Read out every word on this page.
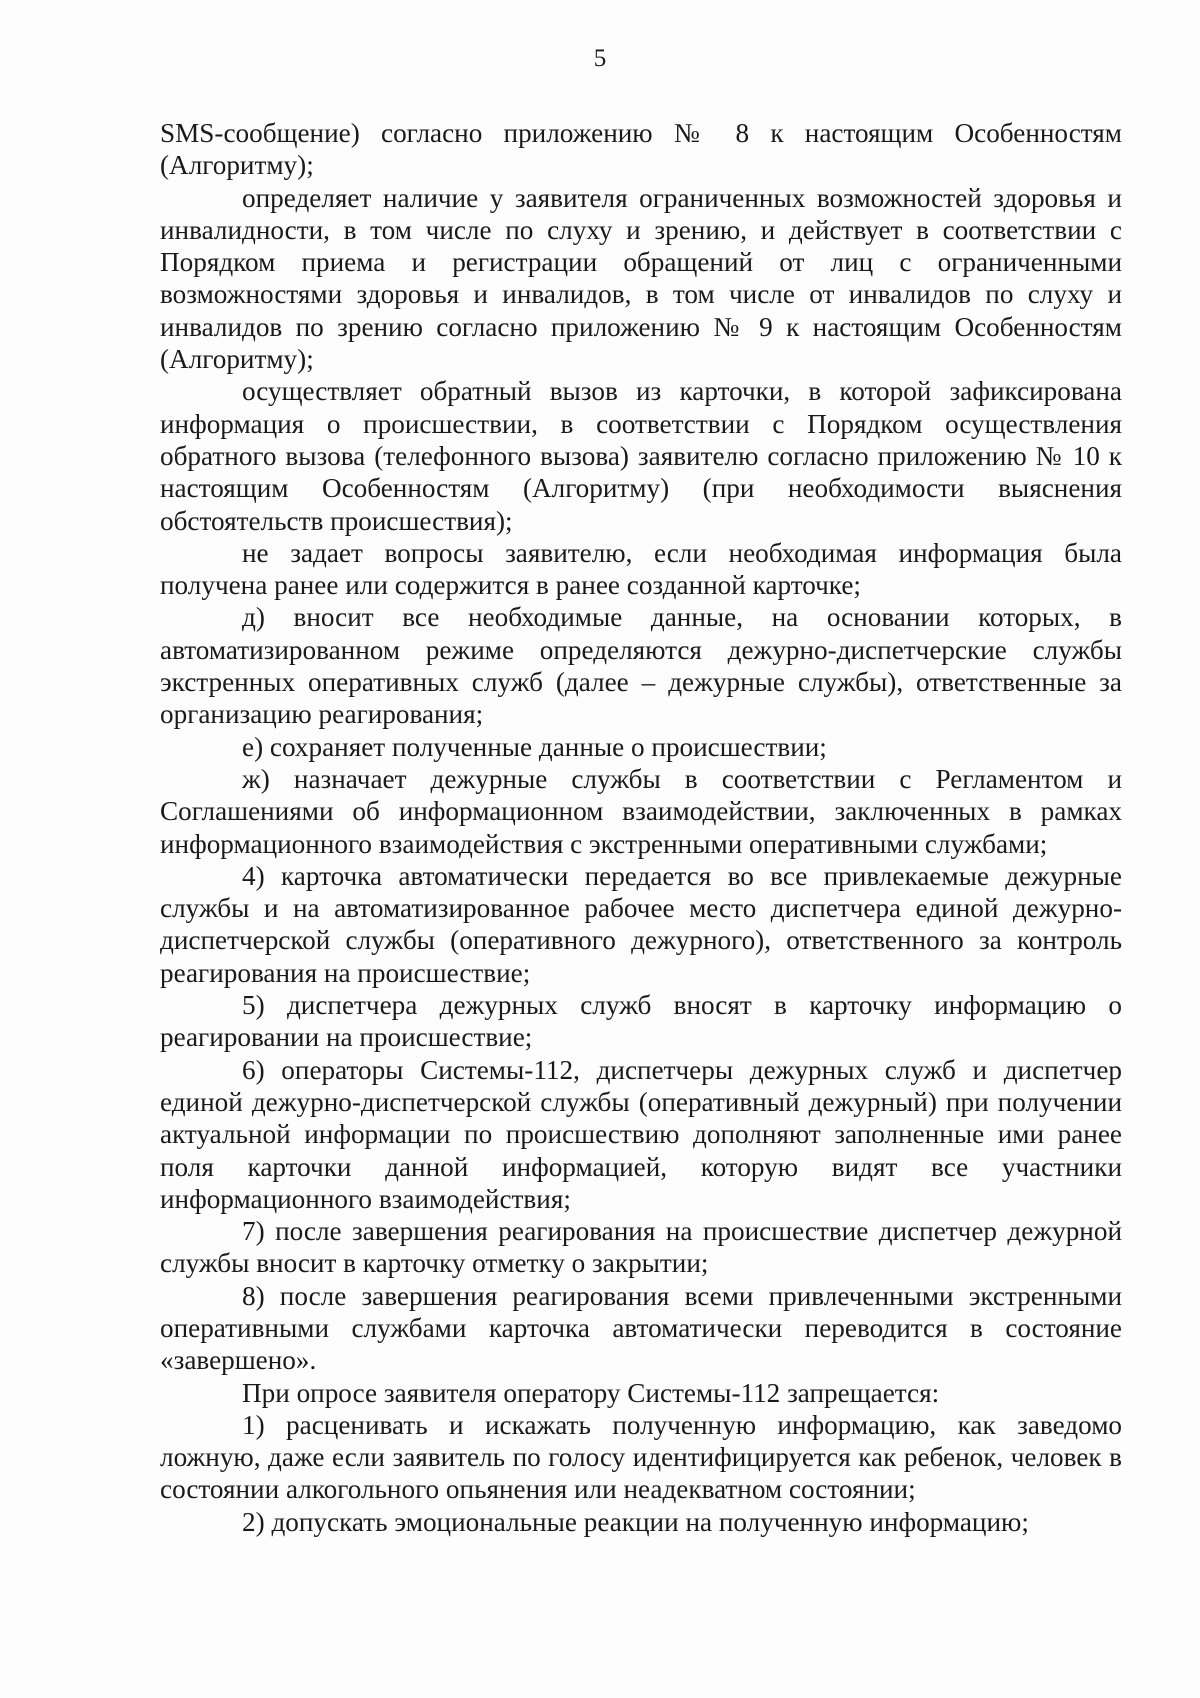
5

SMS-сообщение) согласно приложению № 8 к настоящим Особенностям (Алгоритму);

определяет наличие у заявителя ограниченных возможностей здоровья и инвалидности, в том числе по слуху и зрению, и действует в соответствии с Порядком приема и регистрации обращений от лиц с ограниченными возможностями здоровья и инвалидов, в том числе от инвалидов по слуху и инвалидов по зрению согласно приложению № 9 к настоящим Особенностям (Алгоритму);

осуществляет обратный вызов из карточки, в которой зафиксирована информация о происшествии, в соответствии с Порядком осуществления обратного вызова (телефонного вызова) заявителю согласно приложению № 10 к настоящим Особенностям (Алгоритму) (при необходимости выяснения обстоятельств происшествия);

не задает вопросы заявителю, если необходимая информация была получена ранее или содержится в ранее созданной карточке;

д) вносит все необходимые данные, на основании которых, в автоматизированном режиме определяются дежурно-диспетчерские службы экстренных оперативных служб (далее – дежурные службы), ответственные за организацию реагирования;

е) сохраняет полученные данные о происшествии;

ж) назначает дежурные службы в соответствии с Регламентом и Соглашениями об информационном взаимодействии, заключенных в рамках информационного взаимодействия с экстренными оперативными службами;

4) карточка автоматически передается во все привлекаемые дежурные службы и на автоматизированное рабочее место диспетчера единой дежурно-диспетчерской службы (оперативного дежурного), ответственного за контроль реагирования на происшествие;

5) диспетчера дежурных служб вносят в карточку информацию о реагировании на происшествие;

6) операторы Системы-112, диспетчеры дежурных служб и диспетчер единой дежурно-диспетчерской службы (оперативный дежурный) при получении актуальной информации по происшествию дополняют заполненные ими ранее поля карточки данной информацией, которую видят все участники информационного взаимодействия;

7) после завершения реагирования на происшествие диспетчер дежурной службы вносит в карточку отметку о закрытии;

8) после завершения реагирования всеми привлеченными экстренными оперативными службами карточка автоматически переводится в состояние «завершено».

При опросе заявителя оператору Системы-112 запрещается:

1) расценивать и искажать полученную информацию, как заведомо ложную, даже если заявитель по голосу идентифицируется как ребенок, человек в состоянии алкогольного опьянения или неадекватном состоянии;

2) допускать эмоциональные реакции на полученную информацию;
